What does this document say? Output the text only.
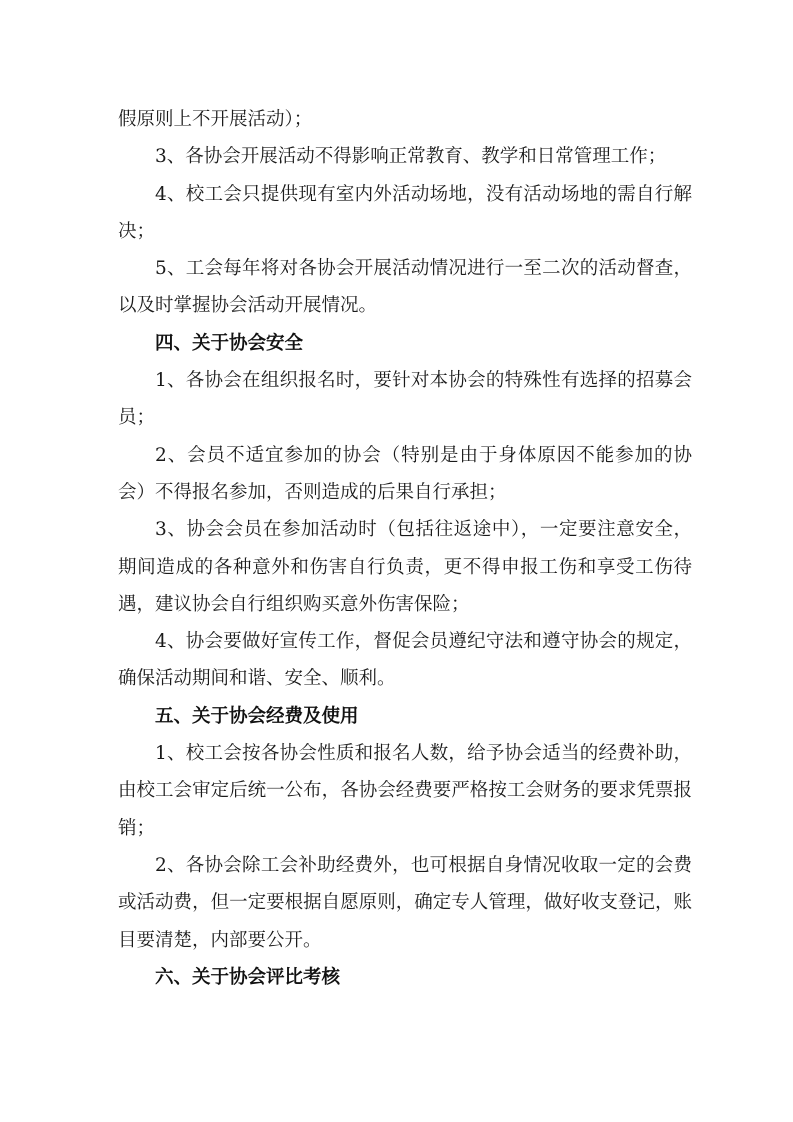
假原则上不开展活动）；

3、各协会开展活动不得影响正常教育、教学和日常管理工作；

4、校工会只提供现有室内外活动场地，没有活动场地的需自行解决；

5、工会每年将对各协会开展活动情况进行一至二次的活动督查，以及时掌握协会活动开展情况。

四、关于协会安全

1、各协会在组织报名时，要针对本协会的特殊性有选择的招募会员；

2、会员不适宜参加的协会（特别是由于身体原因不能参加的协会）不得报名参加，否则造成的后果自行承担；

3、协会会员在参加活动时（包括往返途中），一定要注意安全，期间造成的各种意外和伤害自行负责，更不得申报工伤和享受工伤待遇，建议协会自行组织购买意外伤害保险；

4、协会要做好宣传工作，督促会员遵纪守法和遵守协会的规定，确保活动期间和谐、安全、顺利。

五、关于协会经费及使用

1、校工会按各协会性质和报名人数，给予协会适当的经费补助，由校工会审定后统一公布，各协会经费要严格按工会财务的要求凭票报销；

2、各协会除工会补助经费外，也可根据自身情况收取一定的会费或活动费，但一定要根据自愿原则，确定专人管理，做好收支登记，账目要清楚，内部要公开。

六、关于协会评比考核
